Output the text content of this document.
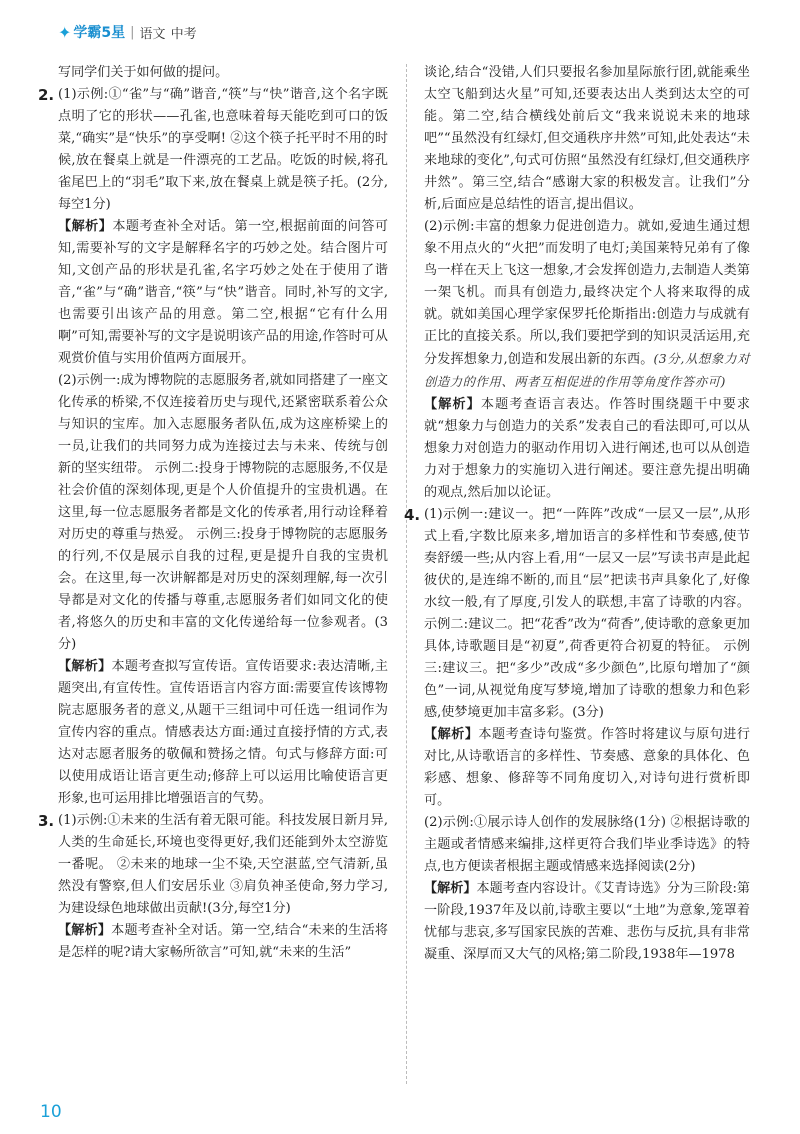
✦ 学霸5星 | 语文 中考

写同学们关于如何做的提问。

2. (1)示例:①“雀”与“确”谐音,“筷”与“快”谐音,这个名字既点明了它的形状——孔雀,也意味着每天能吃到可口的饭菜,“确实”是“快乐”的享受啊! ②这个筷子托平时不用的时候,放在餐桌上就是一件漂亮的工艺品。吃饭的时候,将孔雀尾巴上的“羽毛”取下来,放在餐桌上就是筷子托。(2分,每空1分)

【解析】本题考查补全对话。第一空,根据前面的问答可知,需要补写的文字是解释名字的巧妙之处。结合图片可知,文创产品的形状是孔雀,名字巧妙之处在于使用了谐音,“雀”与“确”谐音,“筷”与“快”谐音。同时,补写的文字,也需要引出该产品的用意。第二空,根据“它有什么用啊”可知,需要补写的文字是说明该产品的用途,作答时可从观赏价值与实用价值两方面展开。

(2)示例一:成为博物院的志愿服务者,就如同搭建了一座文化传承的桥梁,不仅连接着历史与现代,还紧密联系着公众与知识的宝库。加入志愿服务者队伍,成为这座桥梁上的一员,让我们的共同努力成为连接过去与未来、传统与创新的坚实纽带。 示例二:投身于博物院的志愿服务,不仅是社会价值的深刻体现,更是个人价值提升的宝贵机遇。在这里,每一位志愿服务者都是文化的传承者,用行动诠释着对历史的尊重与热爱。 示例三:投身于博物院的志愿服务的行列,不仅是展示自我的过程,更是提升自我的宝贵机会。在这里,每一次讲解都是对历史的深刻理解,每一次引导都是对文化的传播与尊重,志愿服务者们如同文化的使者,将悠久的历史和丰富的文化传递给每一位参观者。(3分)

【解析】本题考查拟写宣传语。宣传语要求:表达清晰,主题突出,有宣传性。宣传语语言内容方面:需要宣传该博物院志愿服务者的意义,从题干三组词中可任选一组词作为宣传内容的重点。情感表达方面:通过直接抒情的方式,表达对志愿者服务的敬佩和赞扬之情。句式与修辞方面:可以使用成语让语言更生动;修辞上可以运用比喻使语言更形象,也可运用排比增强语言的气势。

3. (1)示例:①未来的生活有着无限可能。科技发展日新月异,人类的生命延长,环境也变得更好,我们还能到外太空游览一番呢。 ②未来的地球一尘不染,天空湛蓝,空气清新,虽然没有警察,但人们安居乐业 ③肩负神圣使命,努力学习,为建设绿色地球做出贡献!(3分,每空1分)

【解析】本题考查补全对话。第一空,结合“未来的生活将是怎样的呢?请大家畅所欲言”可知,就“未来的生活”

谈论,结合“没错,人们只要报名参加星际旅行团,就能乘坐太空飞船到达火星”可知,还要表达出人类到达太空的可能。第二空,结合横线处前后文“我来说说未来的地球吧”“虽然没有红绿灯,但交通秩序井然”可知,此处表达“未来地球的变化”,句式可仿照“虽然没有红绿灯,但交通秩序井然”。第三空,结合“感谢大家的积极发言。让我们”分析,后面应是总结性的语言,提出倡议。

(2)示例:丰富的想象力促进创造力。就如,爱迪生通过想象不用点火的“火把”而发明了电灯;美国莱特兄弟有了像鸟一样在天上飞这一想象,才会发挥创造力,去制造人类第一架飞机。而具有创造力,最终决定个人将来取得的成就。就如美国心理学家保罗托伦斯指出:创造力与成就有正比的直接关系。所以,我们要把学到的知识灵活运用,充分发挥想象力,创造和发展出新的东西。(3分,从想象力对创造力的作用、两者互相促进的作用等角度作答亦可)

【解析】本题考查语言表达。作答时围绕题干中要求就“想象力与创造力的关系”发表自己的看法即可,可以从想象力对创造力的驱动作用切入进行阐述,也可以从创造力对于想象力的实施切入进行阐述。要注意先提出明确的观点,然后加以论证。

4. (1)示例一:建议一。把“一阵阵”改成“一层又一层”,从形式上看,字数比原来多,增加语言的多样性和节奏感,使节奏舒缓一些;从内容上看,用“一层又一层”写读书声是此起彼伏的,是连绵不断的,而且“层”把读书声具象化了,好像水纹一般,有了厚度,引发人的联想,丰富了诗歌的内容。 示例二:建议二。把“花香”改为“荷香”,使诗歌的意象更加具体,诗歌题目是“初夏”,荷香更符合初夏的特征。 示例三:建议三。把“多少”改成“多少颜色”,比原句增加了“颜色”一词,从视觉角度写梦境,增加了诗歌的想象力和色彩感,使梦境更加丰富多彩。(3分)

【解析】本题考查诗句鉴赏。作答时将建议与原句进行对比,从诗歌语言的多样性、节奏感、意象的具体化、色彩感、想象、修辞等不同角度切入,对诗句进行赏析即可。

(2)示例:①展示诗人创作的发展脉络(1分) ②根据诗歌的主题或者情感来编排,这样更符合我们毕业季诗选》的特点,也方便读者根据主题或情感来选择阅读(2分)

【解析】本题考查内容设计。《艾青诗选》分为三阶段:第一阶段,1937年及以前,诗歌主要以“土地”为意象,笼罩着忧郁与悲哀,多写国家民族的苦难、悲伤与反抗,具有非常凝重、深厚而又大气的风格;第二阶段,1938年—1978

10
